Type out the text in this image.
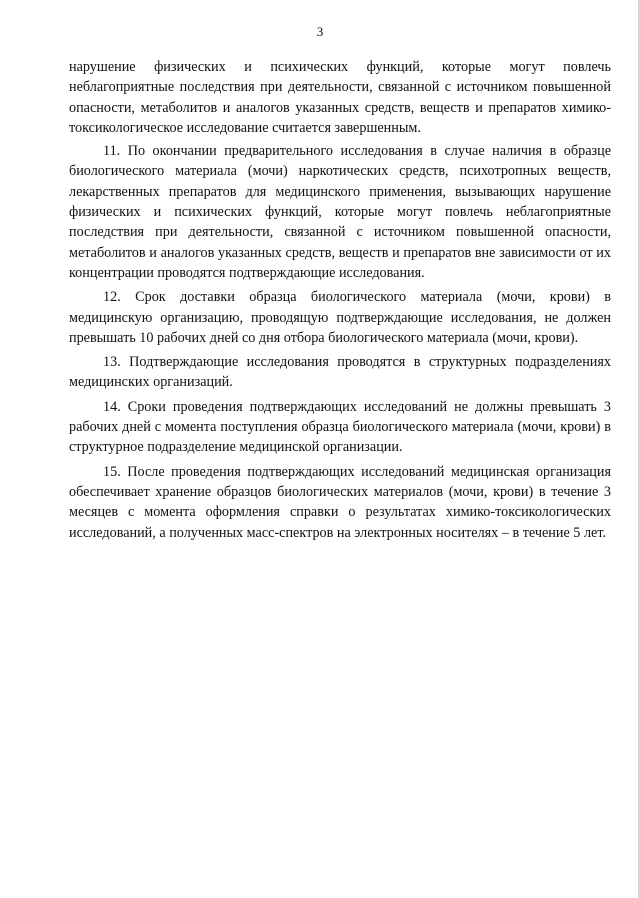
3

нарушение физических и психических функций, которые могут повлечь неблагоприятные последствия при деятельности, связанной с источником повышенной опасности, метаболитов и аналогов указанных средств, веществ и препаратов химико-токсикологическое исследование считается завершенным.

11. По окончании предварительного исследования в случае наличия в образце биологического материала (мочи) наркотических средств, психотропных веществ, лекарственных препаратов для медицинского применения, вызывающих нарушение физических и психических функций, которые могут повлечь неблагоприятные последствия при деятельности, связанной с источником повышенной опасности, метаболитов и аналогов указанных средств, веществ и препаратов вне зависимости от их концентрации проводятся подтверждающие исследования.

12. Срок доставки образца биологического материала (мочи, крови) в медицинскую организацию, проводящую подтверждающие исследования, не должен превышать 10 рабочих дней со дня отбора биологического материала (мочи, крови).

13. Подтверждающие исследования проводятся в структурных подразделениях медицинских организаций.

14. Сроки проведения подтверждающих исследований не должны превышать 3 рабочих дней с момента поступления образца биологического материала (мочи, крови) в структурное подразделение медицинской организации.

15. После проведения подтверждающих исследований медицинская организация обеспечивает хранение образцов биологических материалов (мочи, крови) в течение 3 месяцев с момента оформления справки о результатах химико-токсикологических исследований, а полученных масс-спектров на электронных носителях – в течение 5 лет.
